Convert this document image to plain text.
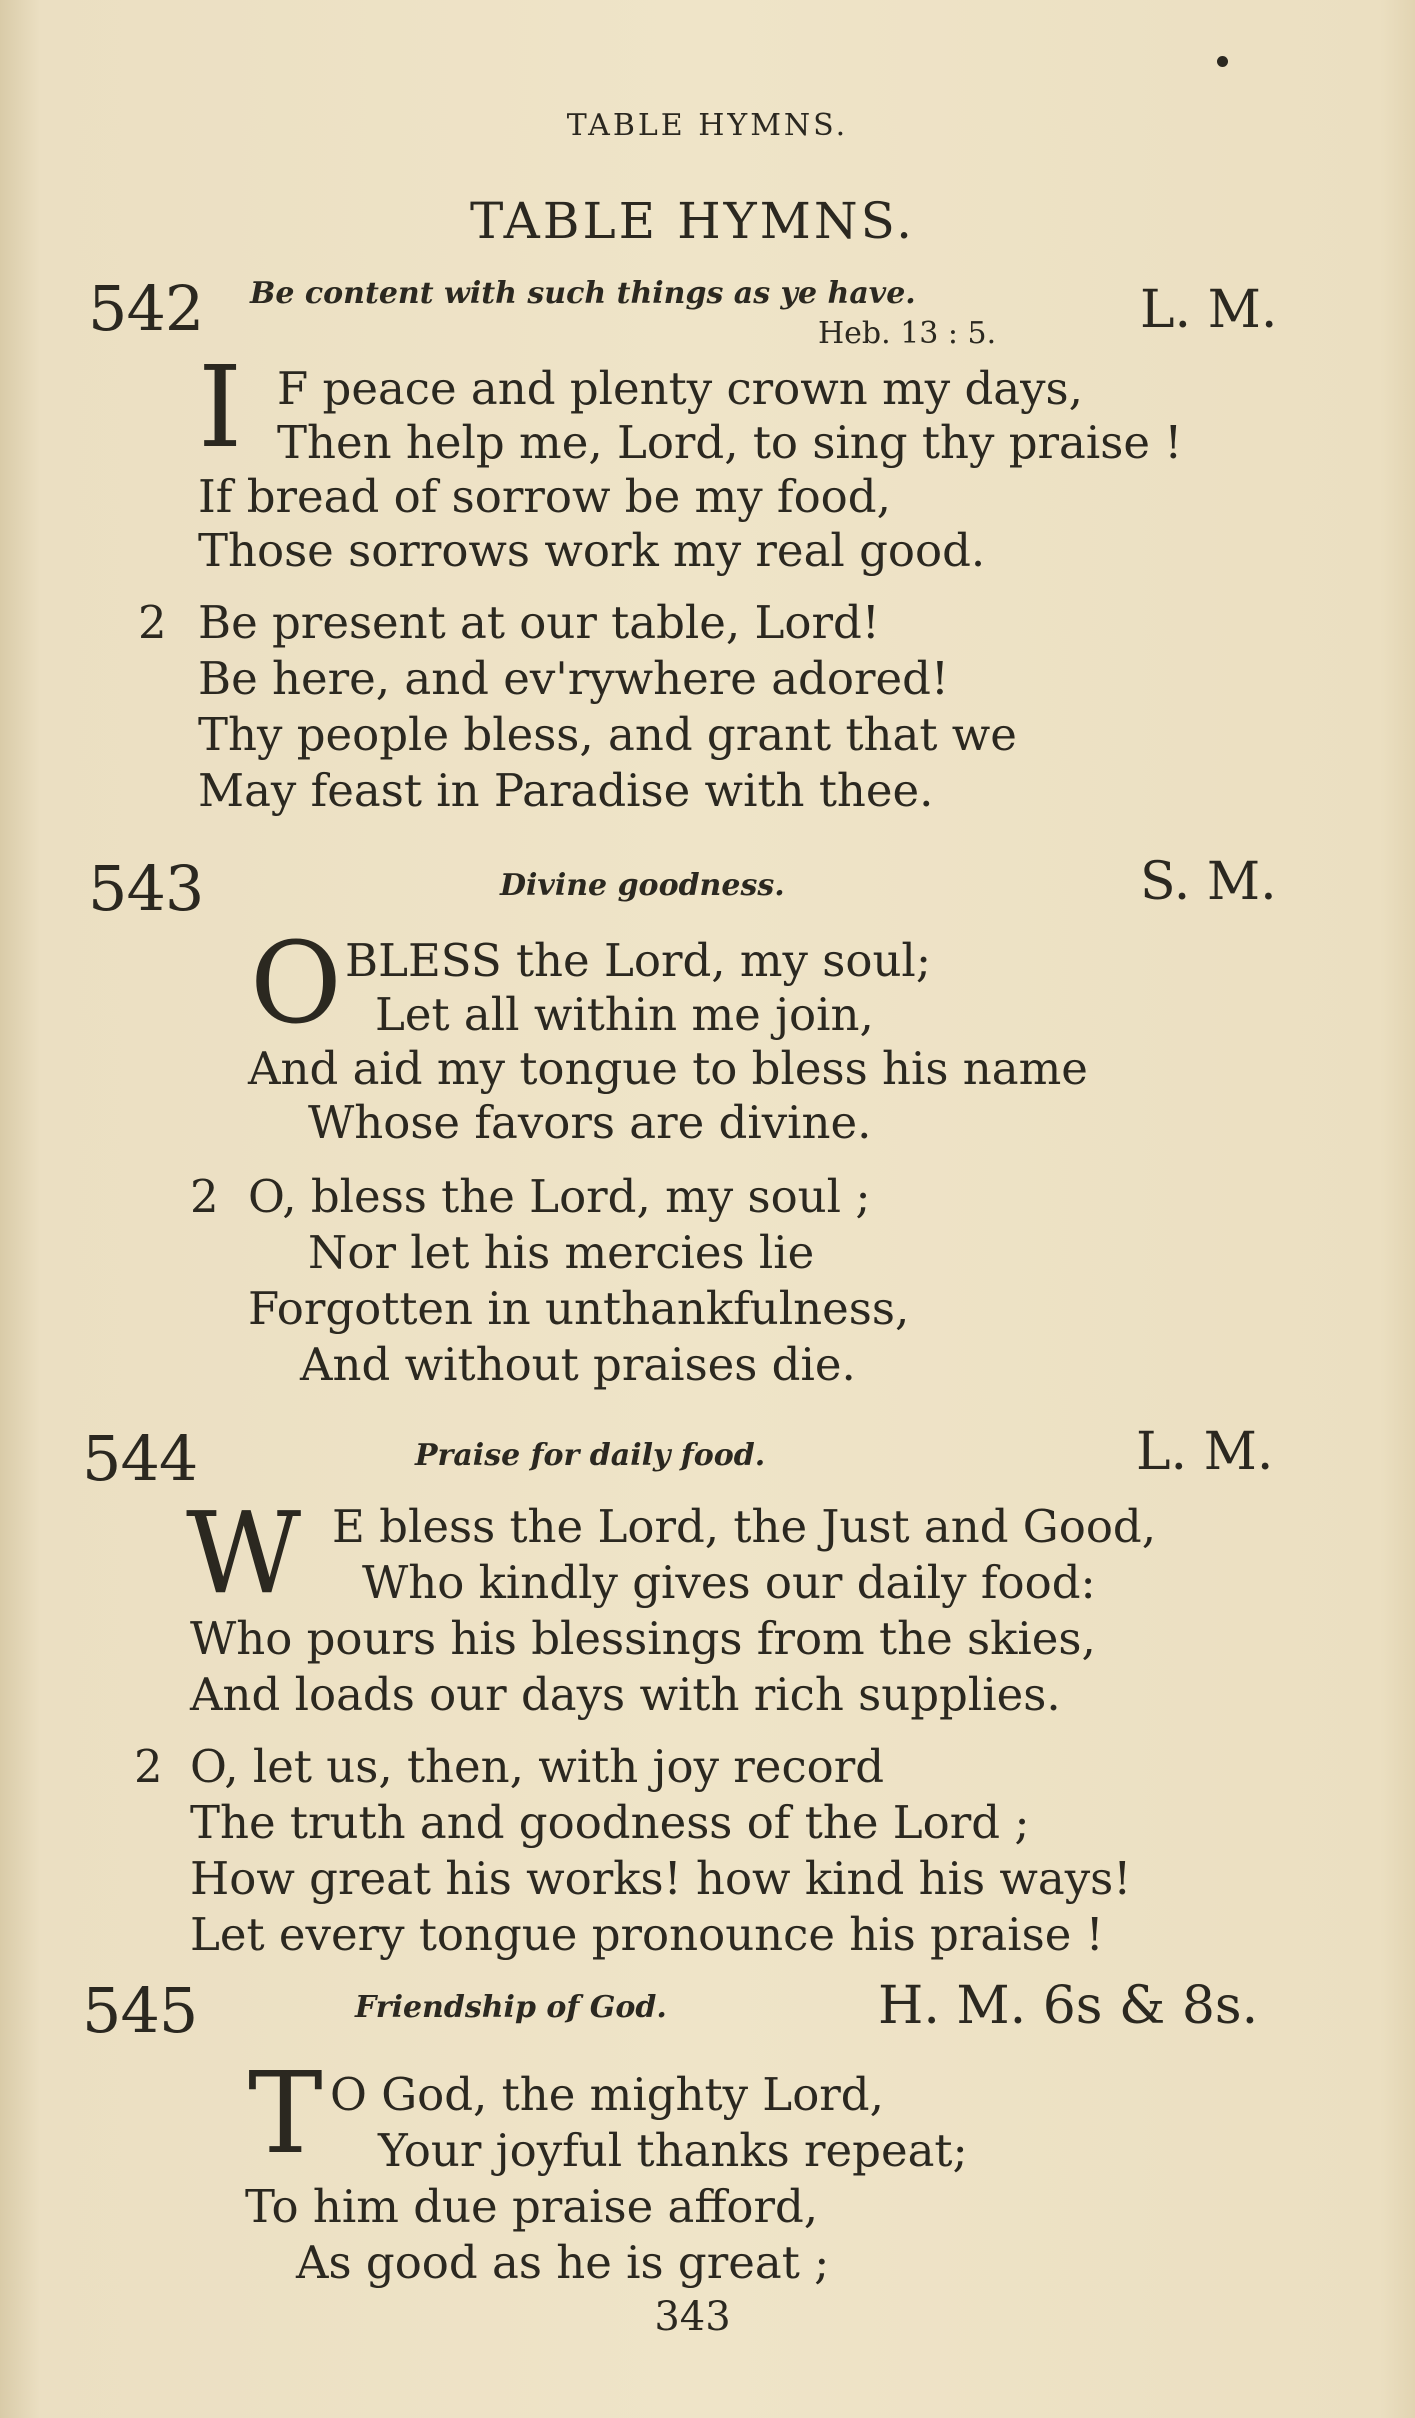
TABLE HYMNS.
TABLE HYMNS.
542 Be content with such things as ye have.
Heb. 13 : 5.	L. M.
I F peace and plenty crown my days,
Then help me, Lord, to sing thy praise !
If bread of sorrow be my food,
Those sorrows work my real good.
2 Be present at our table, Lord!
Be here, and ev'rywhere adored!
Thy people bless, and grant that we
May feast in Paradise with thee.
543	Divine goodness.	S. M.
O BLESS the Lord, my soul;
Let all within me join,
And aid my tongue to bless his name
Whose favors are divine.
2 O, bless the Lord, my soul ;
Nor let his mercies lie
Forgotten in unthankfulness,
And without praises die.
544	Praise for daily food.	L. M.
W E bless the Lord, the Just and Good,
Who kindly gives our daily food:
Who pours his blessings from the skies,
And loads our days with rich supplies.
2 O, let us, then, with joy record
The truth and goodness of the Lord ;
How great his works! how kind his ways!
Let every tongue pronounce his praise !
545	Friendship of God.	H. M. 6s & 8s.
T O God, the mighty Lord,
Your joyful thanks repeat;
To him due praise afford,
As good as he is great ;
343
